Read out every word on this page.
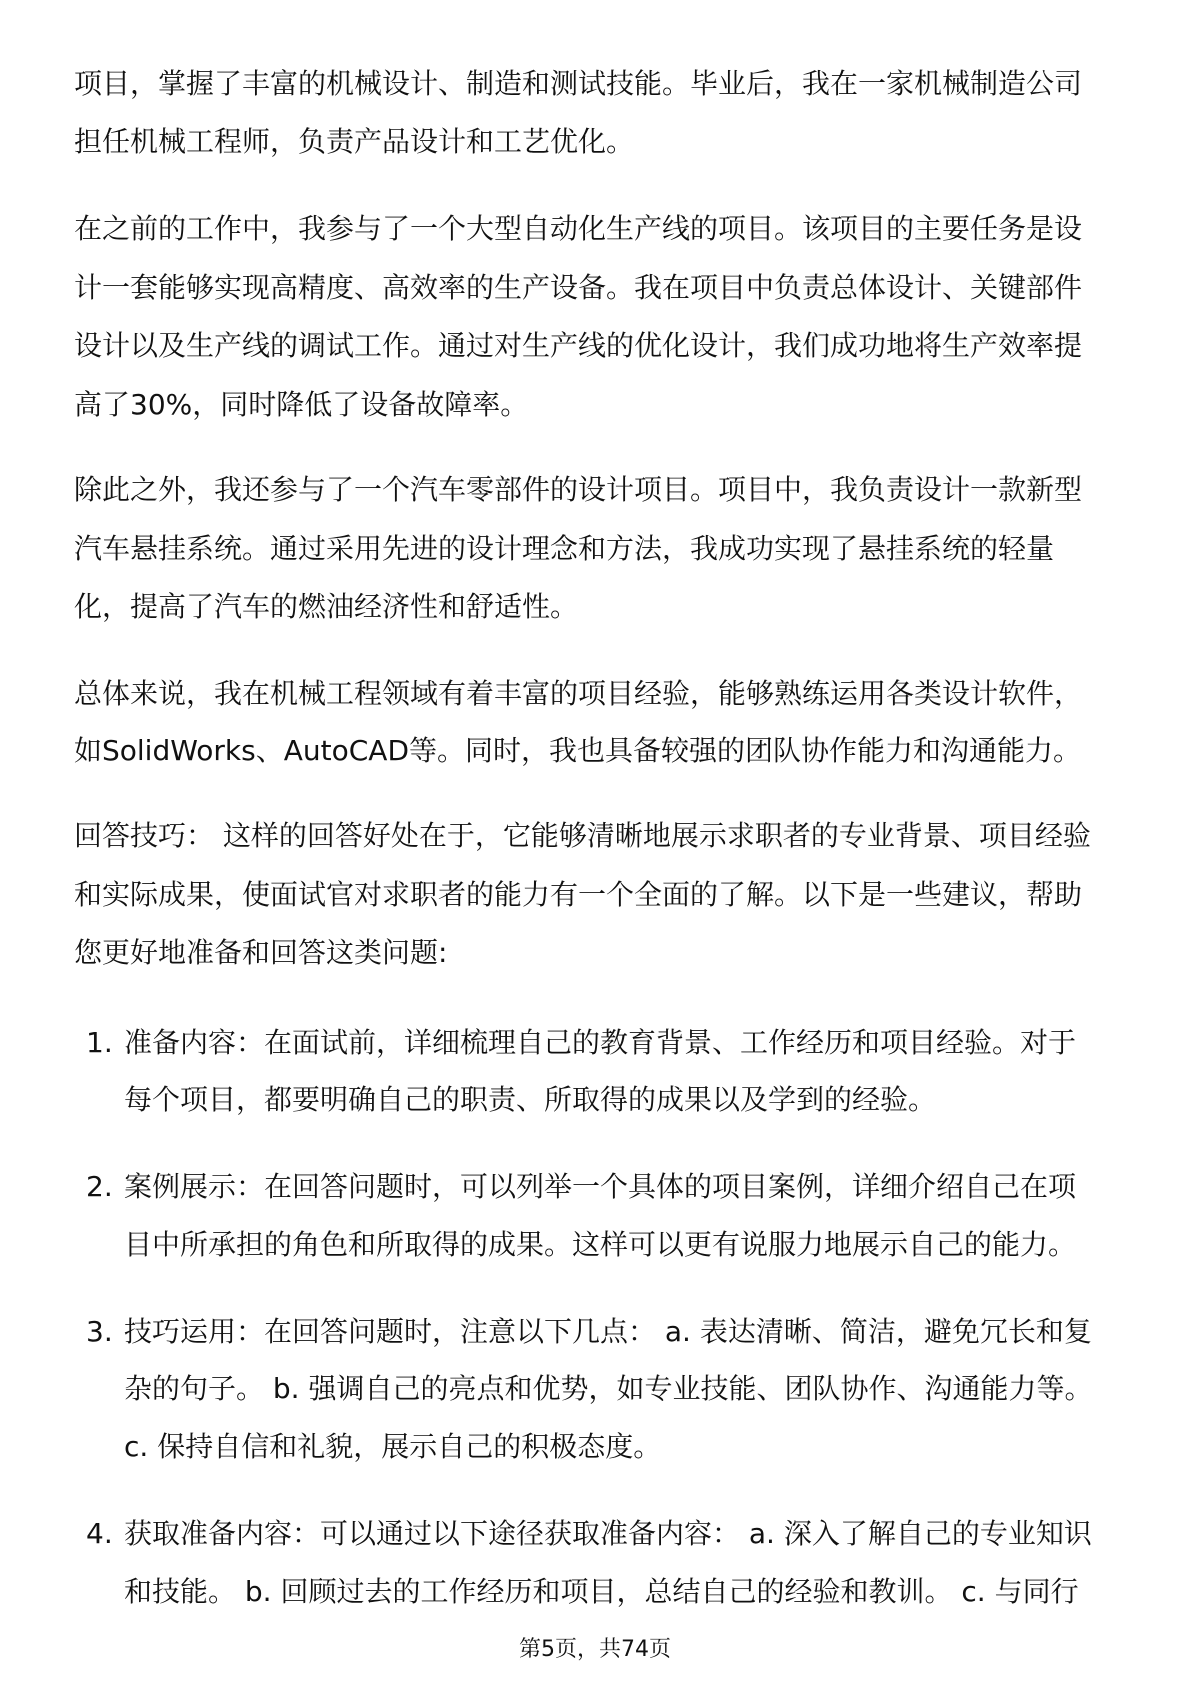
项目，掌握了丰富的机械设计、制造和测试技能。毕业后，我在一家机械制造公司
担任机械工程师，负责产品设计和工艺优化。
在之前的工作中，我参与了一个大型自动化生产线的项目。该项目的主要任务是设
计一套能够实现高精度、高效率的生产设备。我在项目中负责总体设计、关键部件
设计以及生产线的调试工作。通过对生产线的优化设计，我们成功地将生产效率提
高了30%，同时降低了设备故障率。
除此之外，我还参与了一个汽车零部件的设计项目。项目中，我负责设计一款新型
汽车悬挂系统。通过采用先进的设计理念和方法，我成功实现了悬挂系统的轻量
化，提高了汽车的燃油经济性和舒适性。
总体来说，我在机械工程领域有着丰富的项目经验，能够熟练运用各类设计软件，
如SolidWorks、AutoCAD等。同时，我也具备较强的团队协作能力和沟通能力。
回答技巧： 这样的回答好处在于，它能够清晰地展示求职者的专业背景、项目经验
和实际成果，使面试官对求职者的能力有一个全面的了解。以下是一些建议，帮助
您更好地准备和回答这类问题:
1. 准备内容：在面试前，详细梳理自己的教育背景、工作经历和项目经验。对于
每个项目，都要明确自己的职责、所取得的成果以及学到的经验。
2. 案例展示：在回答问题时，可以列举一个具体的项目案例，详细介绍自己在项
目中所承担的角色和所取得的成果。这样可以更有说服力地展示自己的能力。
3. 技巧运用：在回答问题时，注意以下几点： a. 表达清晰、简洁，避免冗长和复
杂的句子。 b. 强调自己的亮点和优势，如专业技能、团队协作、沟通能力等。
c. 保持自信和礼貌，展示自己的积极态度。
4. 获取准备内容：可以通过以下途径获取准备内容： a. 深入了解自己的专业知识
和技能。 b. 回顾过去的工作经历和项目，总结自己的经验和教训。 c. 与同行
第5页，共74页
